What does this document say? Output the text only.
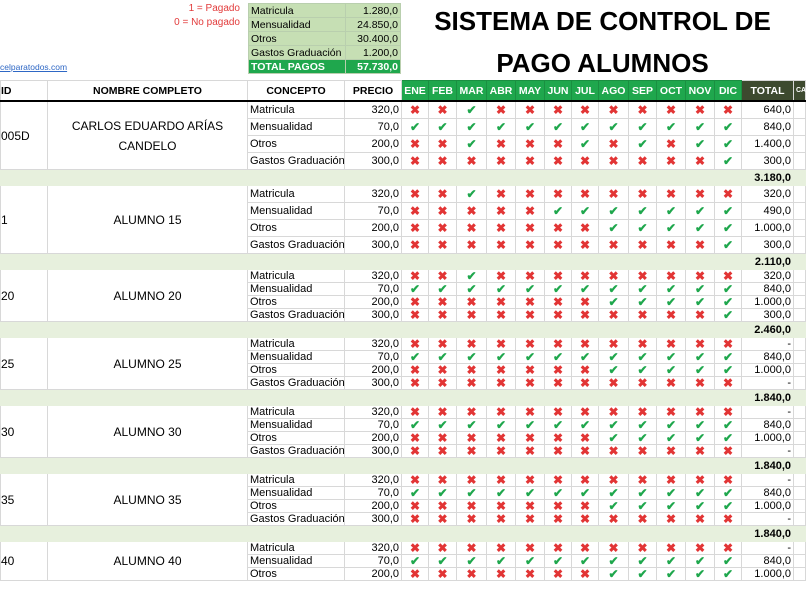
1 = Pagado
0 = No pagado
celparatodos.com
Matricula	1.280,0
Mensualidad	24.850,0
Otros	30.400,0
Gastos Graduación	1.200,0
TOTAL PAGOS	57.730,0
SISTEMA DE CONTROL DE
PAGO ALUMNOS
ID	NOMBRE COMPLETO	CONCEPTO	PRECIO	ENE	FEB	MAR	ABR	MAY	JUN	JUL	AGO	SEP	OCT	NOV	DIC	TOTAL	CA
005D	CARLOS EDUARDO ARÍAS CANDELO	Matricula	320,0	✖	✖	✔	✖	✖	✖	✖	✖	✖	✖	✖	✖	640,0	
		Mensualidad	70,0	✔	✔	✔	✔	✔	✔	✔	✔	✔	✔	✔	✔	840,0	
		Otros	200,0	✖	✖	✔	✖	✖	✖	✔	✖	✔	✖	✔	✔	1.400,0	
		Gastos Graduación	300,0	✖	✖	✖	✖	✖	✖	✖	✖	✖	✖	✖	✔	300,0	
																3.180,0	
1	ALUMNO 15	Matricula	320,0	✖	✖	✔	✖	✖	✖	✖	✖	✖	✖	✖	✖	320,0	
		Mensualidad	70,0	✖	✖	✖	✖	✖	✔	✔	✔	✔	✔	✔	✔	490,0	
		Otros	200,0	✖	✖	✖	✖	✖	✖	✖	✔	✔	✔	✔	✔	1.000,0	
		Gastos Graduación	300,0	✖	✖	✖	✖	✖	✖	✖	✖	✖	✖	✖	✔	300,0	
																2.110,0	
20	ALUMNO 20	Matricula	320,0	✖	✖	✔	✖	✖	✖	✖	✖	✖	✖	✖	✖	320,0	
		Mensualidad	70,0	✔	✔	✔	✔	✔	✔	✔	✔	✔	✔	✔	✔	840,0	
		Otros	200,0	✖	✖	✖	✖	✖	✖	✖	✔	✔	✔	✔	✔	1.000,0	
		Gastos Graduación	300,0	✖	✖	✖	✖	✖	✖	✖	✖	✖	✖	✖	✔	300,0	
																2.460,0	
25	ALUMNO 25	Matricula	320,0	✖	✖	✖	✖	✖	✖	✖	✖	✖	✖	✖	✖	-	
		Mensualidad	70,0	✔	✔	✔	✔	✔	✔	✔	✔	✔	✔	✔	✔	840,0	
		Otros	200,0	✖	✖	✖	✖	✖	✖	✖	✔	✔	✔	✔	✔	1.000,0	
		Gastos Graduación	300,0	✖	✖	✖	✖	✖	✖	✖	✖	✖	✖	✖	✖	-	
																1.840,0	
30	ALUMNO 30	Matricula	320,0	✖	✖	✖	✖	✖	✖	✖	✖	✖	✖	✖	✖	-	
		Mensualidad	70,0	✔	✔	✔	✔	✔	✔	✔	✔	✔	✔	✔	✔	840,0	
		Otros	200,0	✖	✖	✖	✖	✖	✖	✖	✔	✔	✔	✔	✔	1.000,0	
		Gastos Graduación	300,0	✖	✖	✖	✖	✖	✖	✖	✖	✖	✖	✖	✖	-	
																1.840,0	
35	ALUMNO 35	Matricula	320,0	✖	✖	✖	✖	✖	✖	✖	✖	✖	✖	✖	✖	-	
		Mensualidad	70,0	✔	✔	✔	✔	✔	✔	✔	✔	✔	✔	✔	✔	840,0	
		Otros	200,0	✖	✖	✖	✖	✖	✖	✖	✔	✔	✔	✔	✔	1.000,0	
		Gastos Graduación	300,0	✖	✖	✖	✖	✖	✖	✖	✖	✖	✖	✖	✖	-	
																1.840,0	
40	ALUMNO 40	Matricula	320,0	✖	✖	✖	✖	✖	✖	✖	✖	✖	✖	✖	✖	-	
		Mensualidad	70,0	✔	✔	✔	✔	✔	✔	✔	✔	✔	✔	✔	✔	840,0	
		Otros	200,0	✖	✖	✖	✖	✖	✖	✖	✔	✔	✔	✔	✔	1.000,0	
